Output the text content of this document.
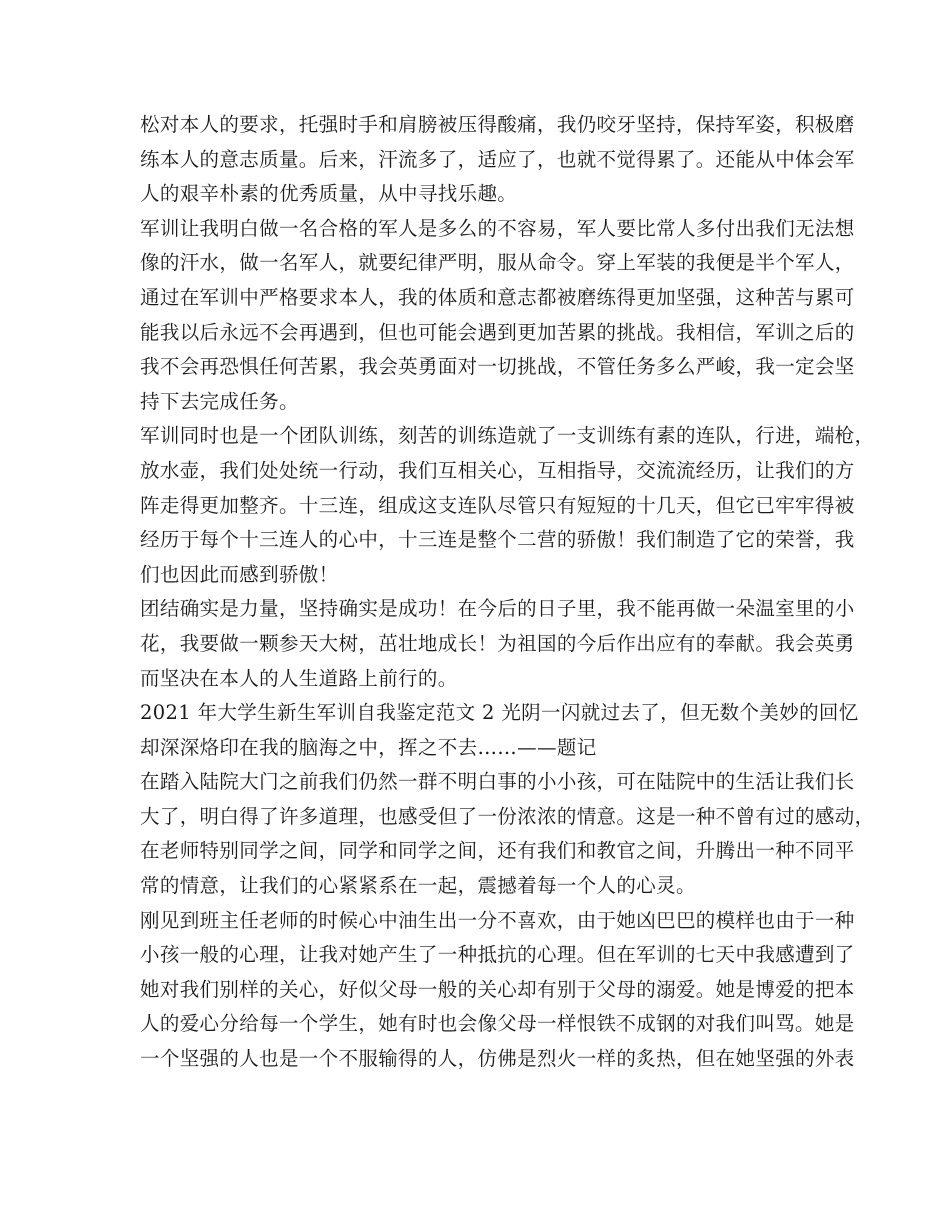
松对本人的要求，托强时手和肩膀被压得酸痛，我仍咬牙坚持，保持军姿，积极磨
练本人的意志质量。后来，汗流多了，适应了，也就不觉得累了。还能从中体会军
人的艰辛朴素的优秀质量，从中寻找乐趣。
军训让我明白做一名合格的军人是多么的不容易，军人要比常人多付出我们无法想
像的汗水，做一名军人，就要纪律严明，服从命令。穿上军装的我便是半个军人，
通过在军训中严格要求本人，我的体质和意志都被磨练得更加坚强，这种苦与累可
能我以后永远不会再遇到，但也可能会遇到更加苦累的挑战。我相信，军训之后的
我不会再恐惧任何苦累，我会英勇面对一切挑战，不管任务多么严峻，我一定会坚
持下去完成任务。
军训同时也是一个团队训练，刻苦的训练造就了一支训练有素的连队，行进，端枪，
放水壶，我们处处统一行动，我们互相关心，互相指导，交流流经历，让我们的方
阵走得更加整齐。十三连，组成这支连队尽管只有短短的十几天，但它已牢牢得被
经历于每个十三连人的心中，十三连是整个二营的骄傲！我们制造了它的荣誉，我
们也因此而感到骄傲！
团结确实是力量，坚持确实是成功！在今后的日子里，我不能再做一朵温室里的小
花，我要做一颗参天大树，茁壮地成长！为祖国的今后作出应有的奉献。我会英勇
而坚决在本人的人生道路上前行的。
2021 年大学生新生军训自我鉴定范文 2 光阴一闪就过去了，但无数个美妙的回忆
却深深烙印在我的脑海之中，挥之不去……——题记
在踏入陆院大门之前我们仍然一群不明白事的小小孩，可在陆院中的生活让我们长
大了，明白得了许多道理，也感受但了一份浓浓的情意。这是一种不曾有过的感动，
在老师特别同学之间，同学和同学之间，还有我们和教官之间，升腾出一种不同平
常的情意，让我们的心紧紧系在一起，震撼着每一个人的心灵。
刚见到班主任老师的时候心中油生出一分不喜欢，由于她凶巴巴的模样也由于一种
小孩一般的心理，让我对她产生了一种抵抗的心理。但在军训的七天中我感遭到了
她对我们别样的关心，好似父母一般的关心却有别于父母的溺爱。她是博爱的把本
人的爱心分给每一个学生，她有时也会像父母一样恨铁不成钢的对我们叫骂。她是
一个坚强的人也是一个不服输得的人，仿佛是烈火一样的炙热，但在她坚强的外表
